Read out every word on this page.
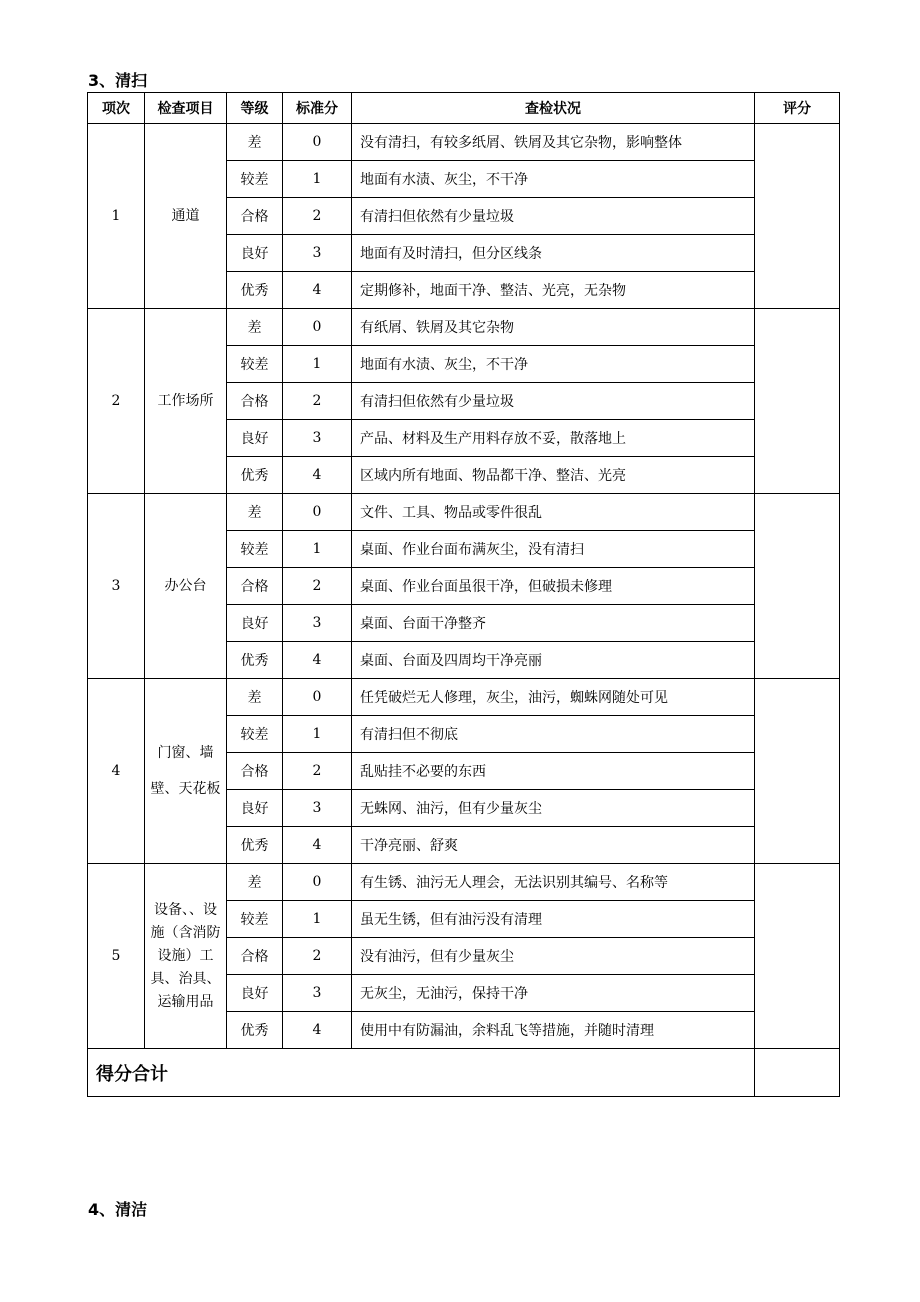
3、清扫
项次	检查项目	等级	标准分	查检状况	评分
1	通道	差	0	没有清扫，有较多纸屑、铁屑及其它杂物，影响整体	
		较差	1	地面有水渍、灰尘，不干净	
		合格	2	有清扫但依然有少量垃圾	
		良好	3	地面有及时清扫，但分区线条	
		优秀	4	定期修补，地面干净、整洁、光亮，无杂物	
2	工作场所	差	0	有纸屑、铁屑及其它杂物	
		较差	1	地面有水渍、灰尘，不干净	
		合格	2	有清扫但依然有少量垃圾	
		良好	3	产品、材料及生产用料存放不妥，散落地上	
		优秀	4	区域内所有地面、物品都干净、整洁、光亮	
3	办公台	差	0	文件、工具、物品或零件很乱	
		较差	1	桌面、作业台面布满灰尘，没有清扫	
		合格	2	桌面、作业台面虽很干净，但破损未修理	
		良好	3	桌面、台面干净整齐	
		优秀	4	桌面、台面及四周均干净亮丽	
4	门窗、墙壁、天花板	差	0	任凭破烂无人修理，灰尘，油污，蜘蛛网随处可见	
		较差	1	有清扫但不彻底	
		合格	2	乱贴挂不必要的东西	
		良好	3	无蛛网、油污，但有少量灰尘	
		优秀	4	干净亮丽、舒爽	
5	设备、、设施（含消防设施）工具、治具、运输用品	差	0	有生锈、油污无人理会，无法识别其编号、名称等	
		较差	1	虽无生锈，但有油污没有清理	
		合格	2	没有油污，但有少量灰尘	
		良好	3	无灰尘，无油污，保持干净	
		优秀	4	使用中有防漏油，余料乱飞等措施，并随时清理	
得分合计					
4、清洁
